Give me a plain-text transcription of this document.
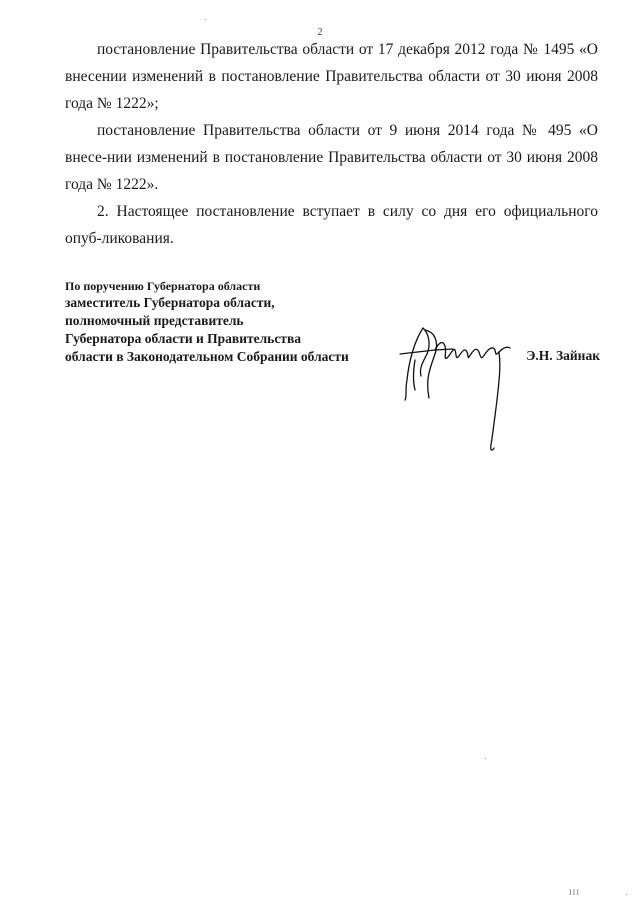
2

постановление Правительства области от 17 декабря 2012 года № 1495 «О внесении изменений в постановление Правительства области от 30 июня 2008 года № 1222»;

постановление Правительства области от 9 июня 2014 года № 495 «О внесе-нии изменений в постановление Правительства области от 30 июня 2008 года № 1222».

2. Настоящее постановление вступает в силу со дня его официального опуб-ликования.

По поручению Губернатора области
заместитель Губернатора области,
полномочный представитель
Губернатора области и Правительства
области в Законодательном Собрании области	Э.Н. Зайнак
ІІІ
